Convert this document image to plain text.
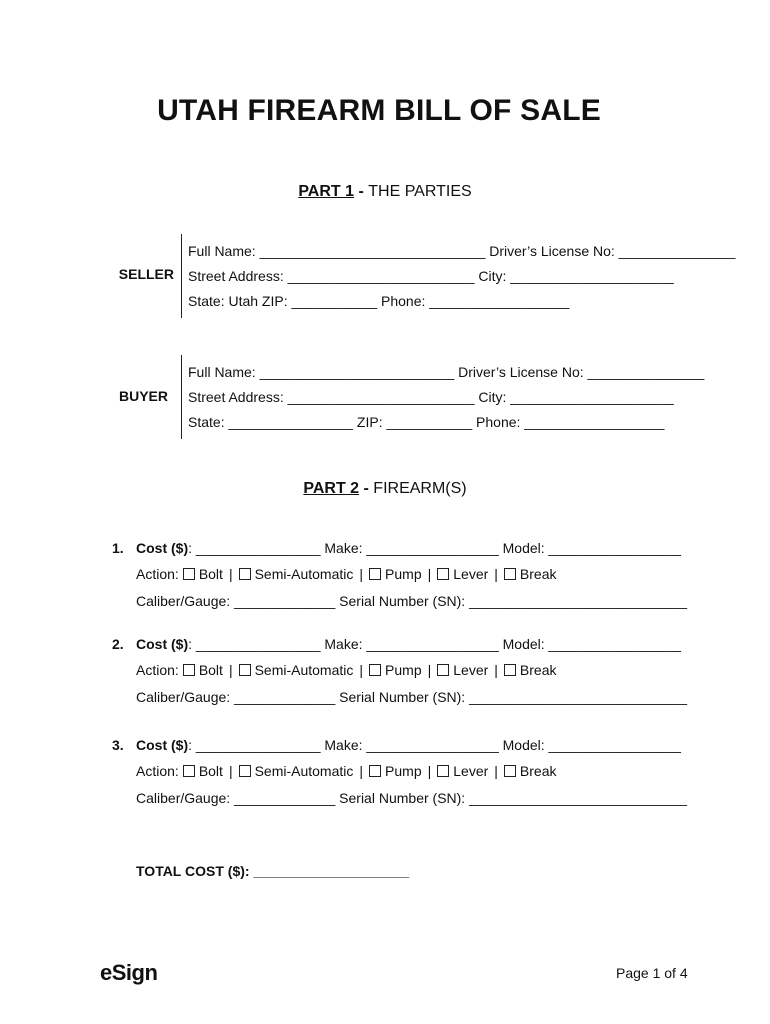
UTAH FIREARM BILL OF SALE
PART 1 - THE PARTIES
SELLER
Full Name: _____________________________ Driver’s License No: _______________
Street Address: ________________________ City: _____________________
State: Utah ZIP: ___________ Phone: __________________
BUYER
Full Name: _________________________ Driver’s License No: _______________
Street Address: ________________________ City: _____________________
State: ________________ ZIP: ___________ Phone: __________________
PART 2 - FIREARM(S)
1. Cost ($): ________________ Make: _________________ Model: _________________
Action: Bolt | Semi-Automatic | Pump | Lever | Break
Caliber/Gauge: _____________ Serial Number (SN): ____________________________
2. Cost ($): ________________ Make: _________________ Model: _________________
Action: Bolt | Semi-Automatic | Pump | Lever | Break
Caliber/Gauge: _____________ Serial Number (SN): ____________________________
3. Cost ($): ________________ Make: _________________ Model: _________________
Action: Bolt | Semi-Automatic | Pump | Lever | Break
Caliber/Gauge: _____________ Serial Number (SN): ____________________________
TOTAL COST ($): ____________________
eSign	Page 1 of 4
